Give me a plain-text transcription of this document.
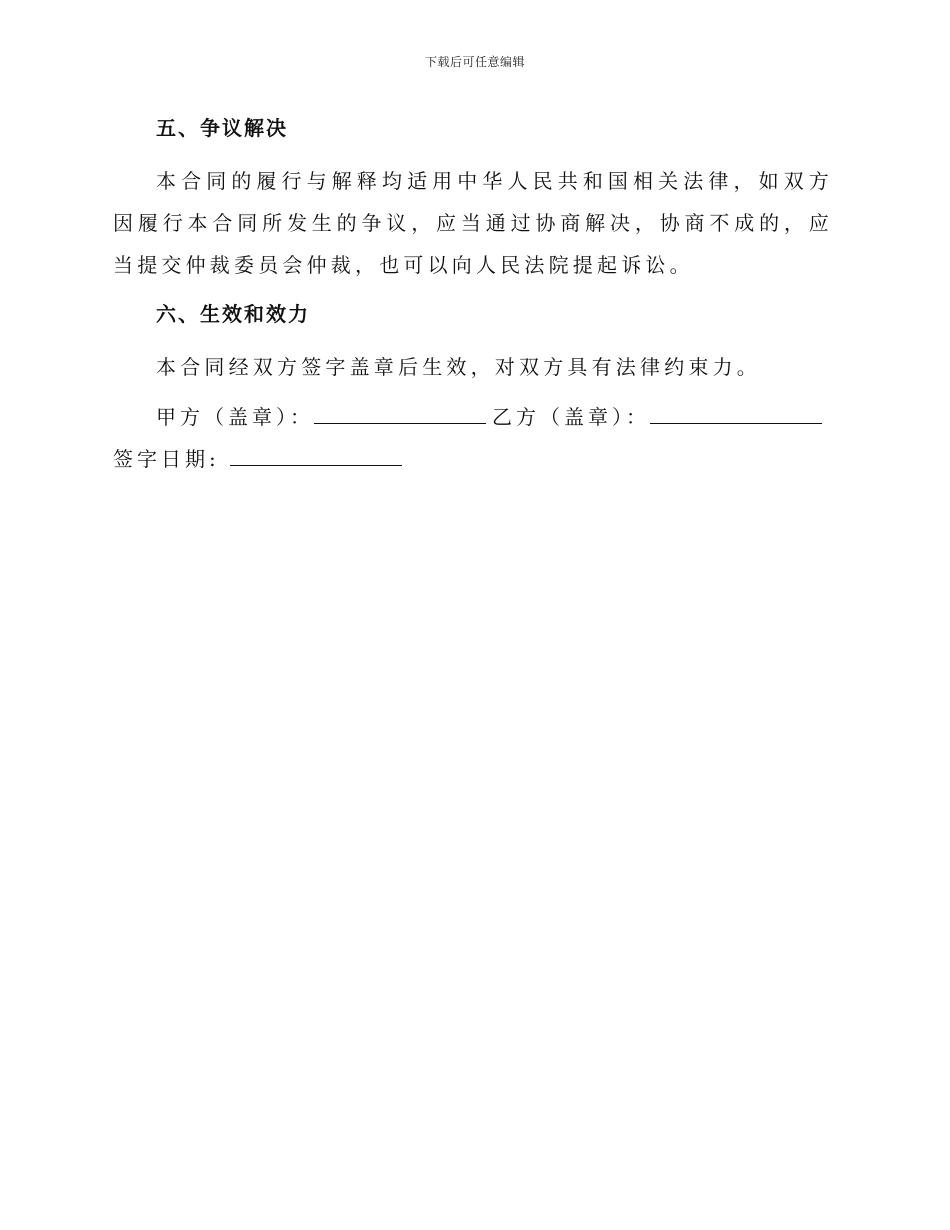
下载后可任意编辑
五、争议解决

本合同的履行与解释均适用中华人民共和国相关法律，如双方因履行本合同所发生的争议，应当通过协商解决，协商不成的，应当提交仲裁委员会仲裁，也可以向人民法院提起诉讼。

六、生效和效力

本合同经双方签字盖章后生效，对双方具有法律约束力。

甲方（盖章）：	乙方（盖章）：
签字日期:
